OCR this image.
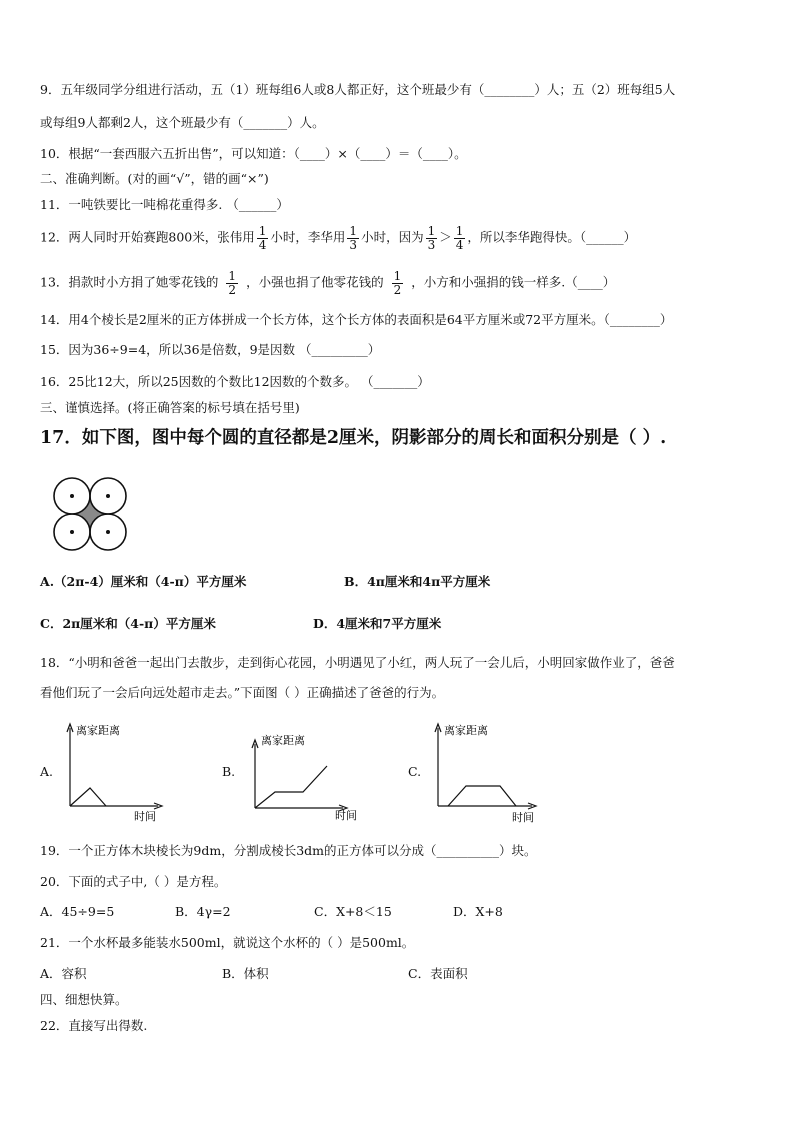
9．五年级同学分组进行活动，五（1）班每组6人或8人都正好，这个班最少有（________）人；五（2）班每组5人
或每组9人都剩2人，这个班最少有（_______）人。
10．根据“一套西服六五折出售”，可以知道：（____）×（____）＝（____）。
二、准确判断。(对的画“√”，错的画“×”)
11．一吨铁要比一吨棉花重得多. （______）
12．两人同时开始赛跑800米，张伟用 $\frac{1}{4}$ 小时，李华用 $\frac{1}{3}$ 小时，因为 $\frac{1}{3} > \frac{1}{4}$ ，所以李华跑得快。（______）
13．捐款时小方捐了她零花钱的 $\frac{1}{2}$ ，小强也捐了他零花钱的 $\frac{1}{2}$ ，小方和小强捐的钱一样多.（____）
14．用4个棱长是2厘米的正方体拼成一个长方体，这个长方体的表面积是64平方厘米或72平方厘米。（________）
15．因为36÷9=4，所以36是倍数，9是因数 （_________）
16．25比12大，所以25因数的个数比12因数的个数多。 （_______）
三、谨慎选择。(将正确答案的标号填在括号里)
17．如下图，图中每个圆的直径都是2厘米，阴影部分的周长和面积分别是（ ）.
A.（2π-4）厘米和（4-π）平方厘米	B．4π厘米和4π平方厘米
C．2π厘米和（4-π）平方厘米	D．4厘米和7平方厘米
18．“小明和爸爸一起出门去散步，走到街心花园，小明遇见了小红，两人玩了一会儿后，小明回家做作业了，爸爸
看他们玩了一会后向远处超市走去。”下面图（ ）正确描述了爸爸的行为。
A.
离家距离
时间
B.
离家距离
时间
C.
离家距离
时间
19．一个正方体木块棱长为9dm，分割成棱长3dm的正方体可以分成（__________）块。
20．下面的式子中,（ ）是方程。
A．45÷9=5	B．4γ=2	C．X+8＜15	D．X+8
21．一个水杯最多能装水500ml，就说这个水杯的（ ）是500ml。
A．容积	B．体积	C．表面积
四、细想快算。
22．直接写出得数.
